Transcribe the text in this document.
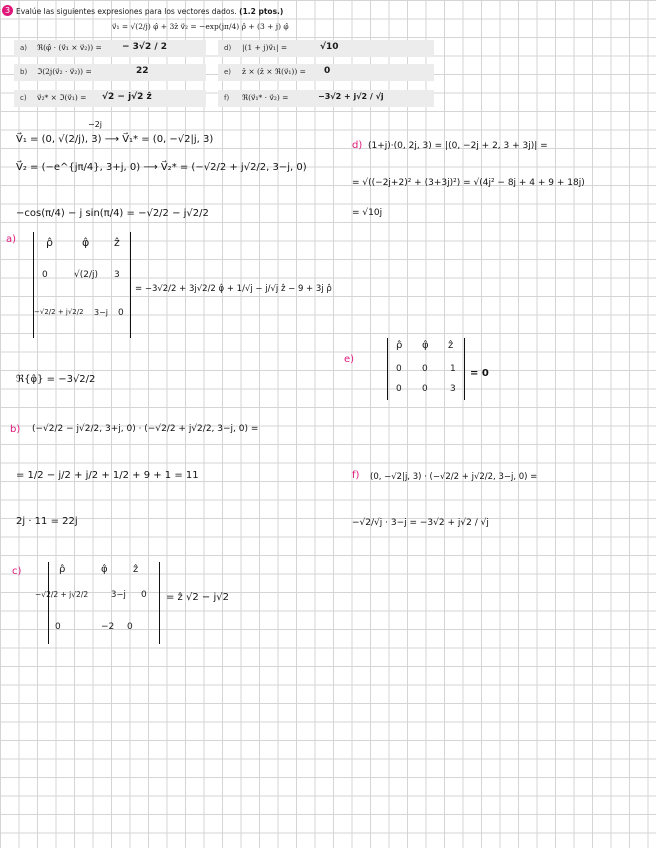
3 Evalúe las siguientes expresiones para los vectores dados. (1.2 ptos.)
v⃗₁ = √(2/j) φ̂ + 3ẑ v⃗₂ = −exp(jπ/4) ρ̂ + (3 + j) φ̂
a) ℜ(φ̂ · (v⃗₁ × v⃗₂)) = − 3√2 / 2
b) ℑ(2j(v⃗₂ · v⃗₂)) =	22
c) v⃗₂* × ℑ(v⃗₁) = √2 − j√2 ẑ
d) |(1 + j)v⃗₁| =	√10
e) ẑ × (ẑ × ℜ(v⃗₁)) = 0
f) ℜ(v⃗₁* · v⃗₂) =	−3√2 + j√2 / √j
−2j
V⃗₁ = (0, √(2/j), 3) ⟶ V⃗₁* = (0, −√2|j, 3)
V⃗₂ = (−e^{jπ/4}, 3+j, 0) ⟶ V⃗₂* = (−√2/2 + j√2/2, 3−j, 0)
−cos(π/4) − j sin(π/4) = −√2/2 − j√2/2
d) (1+j)·(0, 2j, 3) = |(0, −2j + 2, 3 + 3j)| =
= √((−2j+2)² + (3+3j)²) = √(4j² − 8j + 4 + 9 + 18j)
= √10j
a)	ρ̂	φ̂ ẑ
0	√(2/j) 3
−√2/2 + j√2/2 3−j 0
= −3√2/2 + 3j√2/2 φ̂ + 1/√j − j/√j ẑ − 9 + 3j ρ̂
ℜ{φ̂} = −3√2/2
e)
ρ̂ φ̂ ẑ
0 0 1
0 0 3
= 0
b) (−√2/2 − j√2/2, 3+j, 0) · (−√2/2 + j√2/2, 3−j, 0) =
= 1/2 − j/2 + j/2 + 1/2 + 9 + 1 = 11
2j · 11 = 22j
f) (0, −√2|j, 3) · (−√2/2 + j√2/2, 3−j, 0) =
−√2/√j · 3−j = −3√2 + j√2 / √j
c)	ρ̂	φ̂	ẑ
−√2/2 + j√2/2	3−j 0
0	−2 0
= ẑ √2 − j√2
